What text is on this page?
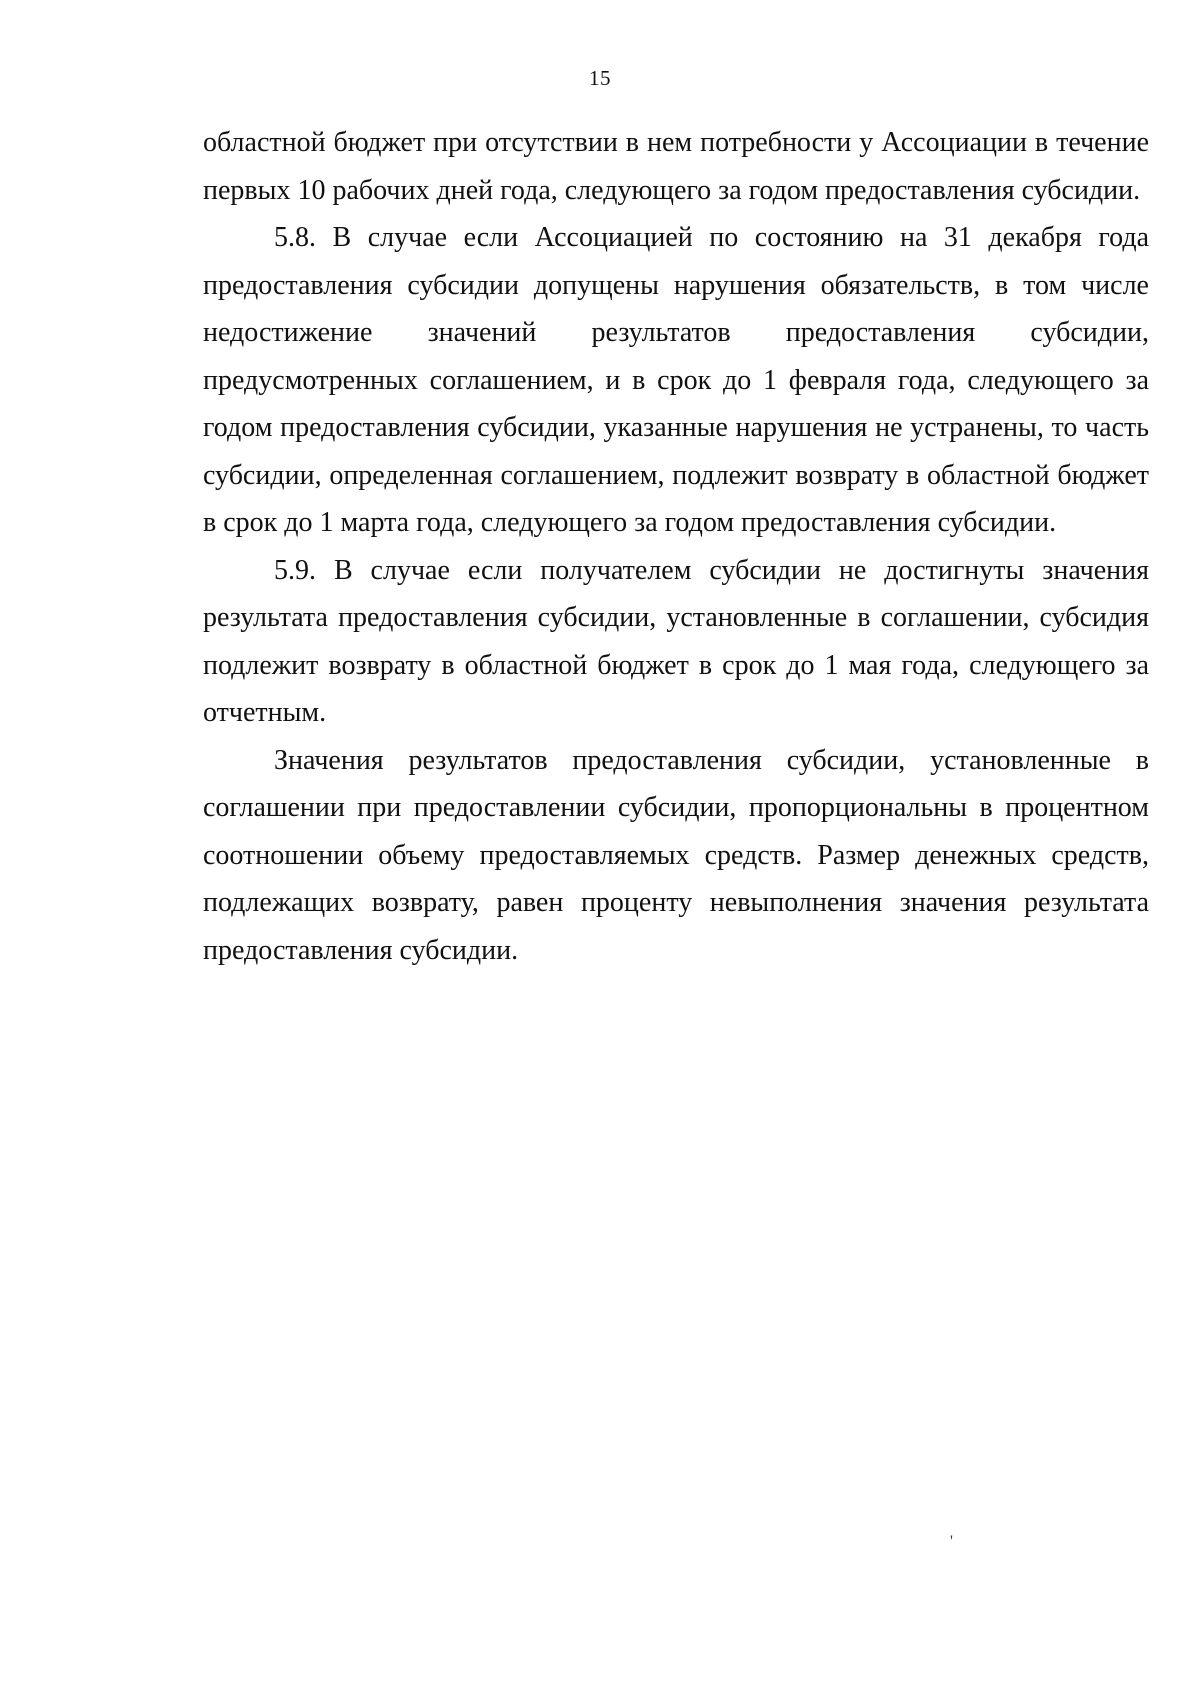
15

областной бюджет при отсутствии в нем потребности у Ассоциации в течение первых 10 рабочих дней года, следующего за годом предоставления субсидии.

5.8. В случае если Ассоциацией по состоянию на 31 декабря года предоставления субсидии допущены нарушения обязательств, в том числе недостижение значений результатов предоставления субсидии, предусмотренных соглашением, и в срок до 1 февраля года, следующего за годом предоставления субсидии, указанные нарушения не устранены, то часть субсидии, определенная соглашением, подлежит возврату в областной бюджет в срок до 1 марта года, следующего за годом предоставления субсидии.

5.9. В случае если получателем субсидии не достигнуты значения результата предоставления субсидии, установленные в соглашении, субсидия подлежит возврату в областной бюджет в срок до 1 мая года, следующего за отчетным.

Значения результатов предоставления субсидии, установленные в соглашении при предоставлении субсидии, пропорциональны в процентном соотношении объему предоставляемых средств. Размер денежных средств, подлежащих возврату, равен проценту невыполнения значения результата предоставления субсидии.

'
